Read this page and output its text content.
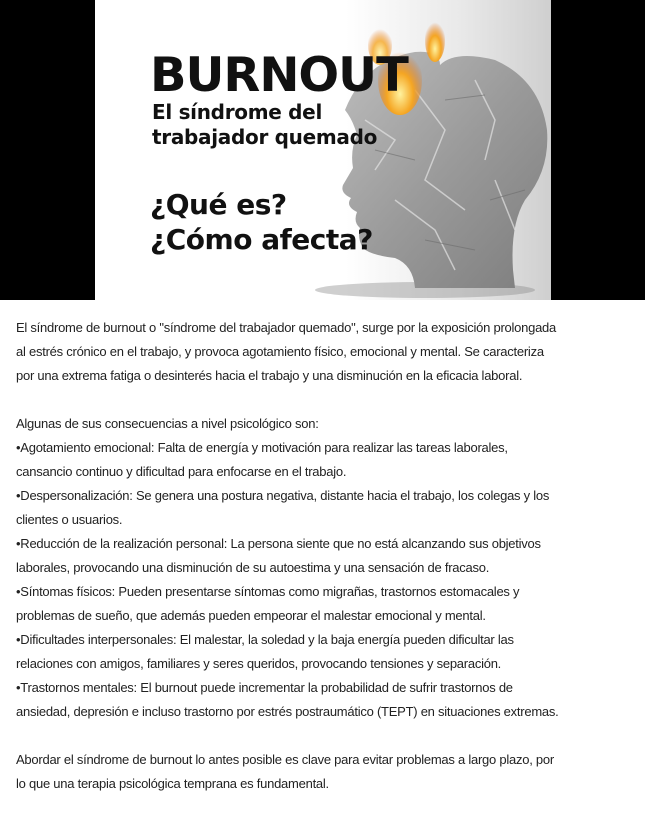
BURNOUT
El síndrome del
trabajador quemado
¿Qué es?
¿Cómo afecta?
El síndrome de burnout o "síndrome del trabajador quemado", surge por la exposición prolongada
al estrés crónico en el trabajo, y provoca agotamiento físico, emocional y mental. Se caracteriza
por una extrema fatiga o desinterés hacia el trabajo y una disminución en la eficacia laboral.
Algunas de sus consecuencias a nivel psicológico son:
•Agotamiento emocional: Falta de energía y motivación para realizar las tareas laborales,
cansancio continuo y dificultad para enfocarse en el trabajo.
•Despersonalización: Se genera una postura negativa, distante hacia el trabajo, los colegas y los
clientes o usuarios.
•Reducción de la realización personal: La persona siente que no está alcanzando sus objetivos
laborales, provocando una disminución de su autoestima y una sensación de fracaso.
•Síntomas físicos: Pueden presentarse síntomas como migrañas, trastornos estomacales y
problemas de sueño, que además pueden empeorar el malestar emocional y mental.
•Dificultades interpersonales: El malestar, la soledad y la baja energía pueden dificultar las
relaciones con amigos, familiares y seres queridos, provocando tensiones y separación.
•Trastornos mentales: El burnout puede incrementar la probabilidad de sufrir trastornos de
ansiedad, depresión e incluso trastorno por estrés postraumático (TEPT) en situaciones extremas.
Abordar el síndrome de burnout lo antes posible es clave para evitar problemas a largo plazo, por
lo que una terapia psicológica temprana es fundamental.
